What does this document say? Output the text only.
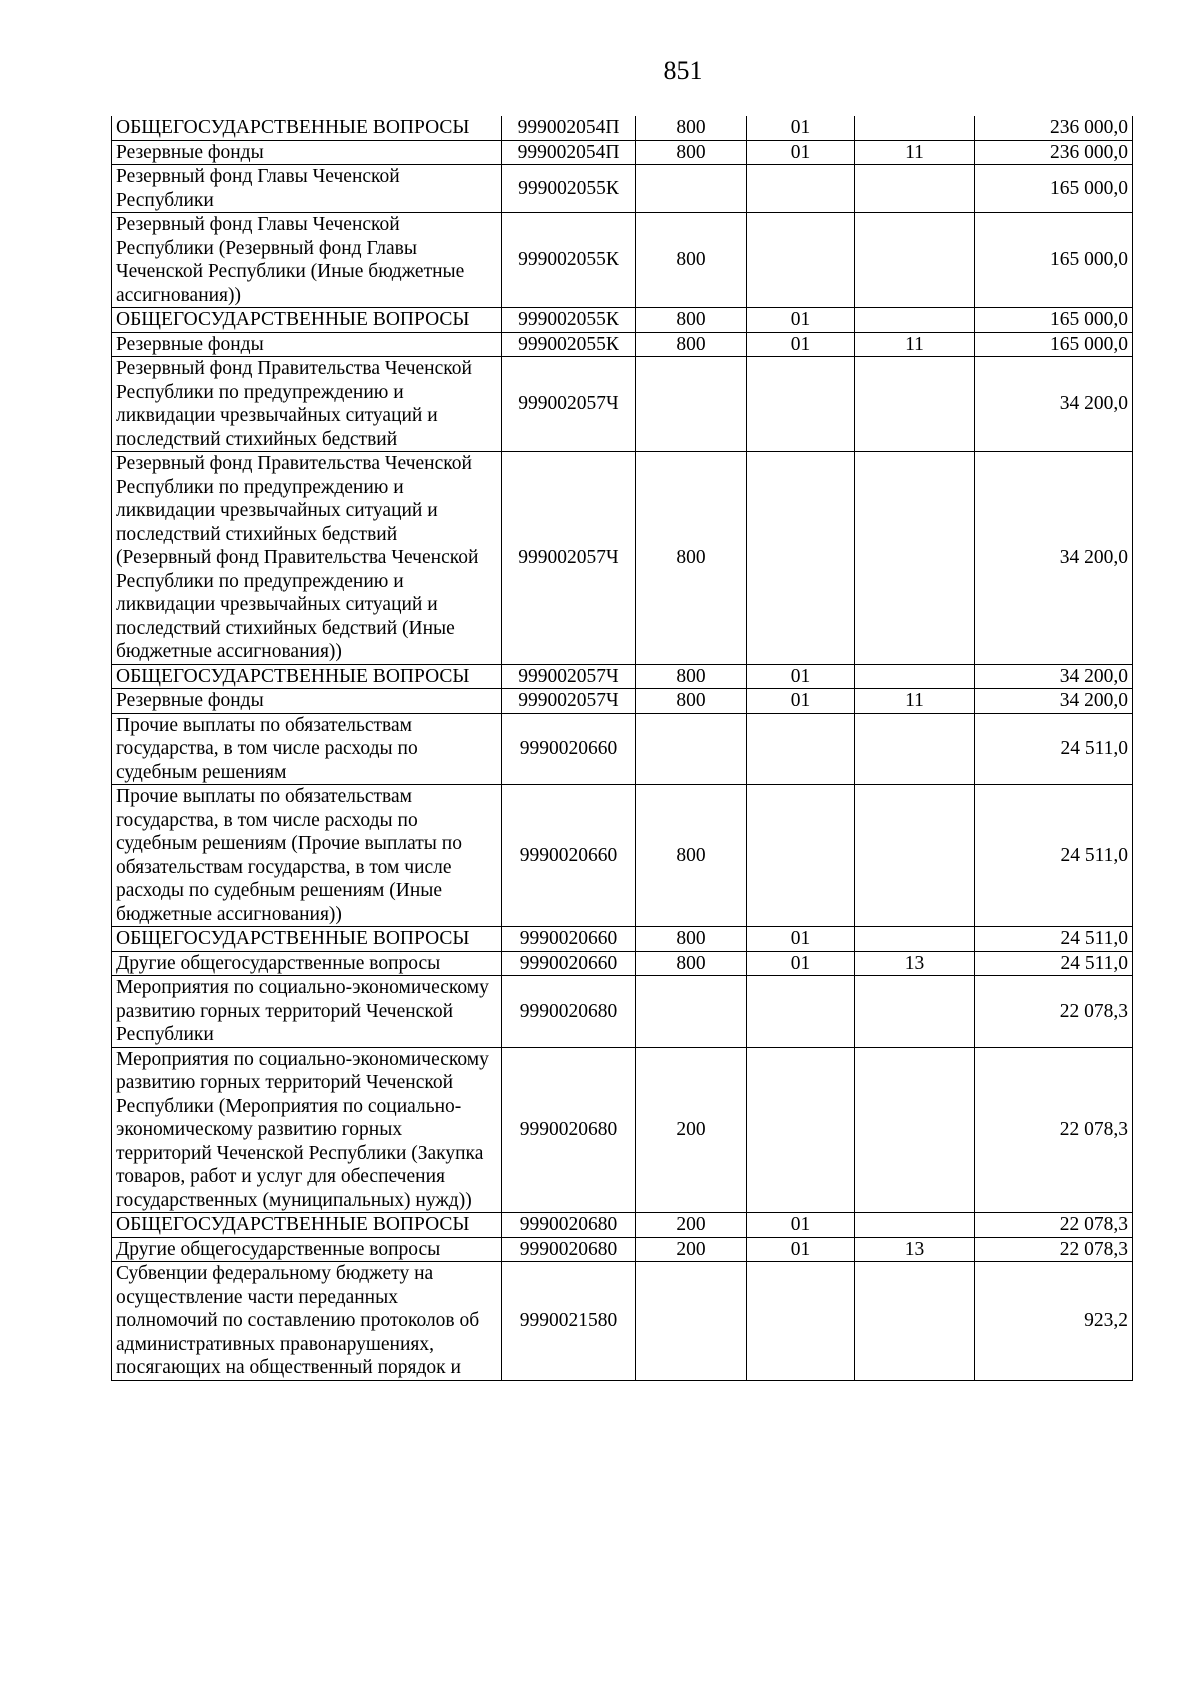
851
ОБЩЕГОСУДАРСТВЕННЫЕ ВОПРОСЫ	999002054П	800	01		236 000,0
Резервные фонды	999002054П	800	01	11	236 000,0
Резервный фонд Главы Чеченской Республики	999002055К				165 000,0
Резервный фонд Главы Чеченской Республики (Резервный фонд Главы Чеченской Республики (Иные бюджетные ассигнования))	999002055К	800			165 000,0
ОБЩЕГОСУДАРСТВЕННЫЕ ВОПРОСЫ	999002055К	800	01		165 000,0
Резервные фонды	999002055К	800	01	11	165 000,0
Резервный фонд Правительства Чеченской Республики по предупреждению и ликвидации чрезвычайных ситуаций и последствий стихийных бедствий	999002057Ч				34 200,0
Резервный фонд Правительства Чеченской Республики по предупреждению и ликвидации чрезвычайных ситуаций и последствий стихийных бедствий (Резервный фонд Правительства Чеченской Республики по предупреждению и ликвидации чрезвычайных ситуаций и последствий стихийных бедствий (Иные бюджетные ассигнования))	999002057Ч	800			34 200,0
ОБЩЕГОСУДАРСТВЕННЫЕ ВОПРОСЫ	999002057Ч	800	01		34 200,0
Резервные фонды	999002057Ч	800	01	11	34 200,0
Прочие выплаты по обязательствам государства, в том числе расходы по судебным решениям	9990020660				24 511,0
Прочие выплаты по обязательствам государства, в том числе расходы по судебным решениям (Прочие выплаты по обязательствам государства, в том числе расходы по судебным решениям (Иные бюджетные ассигнования))	9990020660	800			24 511,0
ОБЩЕГОСУДАРСТВЕННЫЕ ВОПРОСЫ	9990020660	800	01		24 511,0
Другие общегосударственные вопросы	9990020660	800	01	13	24 511,0
Мероприятия по социально-экономическому развитию горных территорий Чеченской Республики	9990020680				22 078,3
Мероприятия по социально-экономическому развитию горных территорий Чеченской Республики (Мероприятия по социально-экономическому развитию горных территорий Чеченской Республики (Закупка товаров, работ и услуг для обеспечения государственных (муниципальных) нужд))	9990020680	200			22 078,3
ОБЩЕГОСУДАРСТВЕННЫЕ ВОПРОСЫ	9990020680	200	01		22 078,3
Другие общегосударственные вопросы	9990020680	200	01	13	22 078,3
Субвенции федеральному бюджету на осуществление части переданных полномочий по составлению протоколов об административных правонарушениях, посягающих на общественный порядок и	9990021580				923,2
